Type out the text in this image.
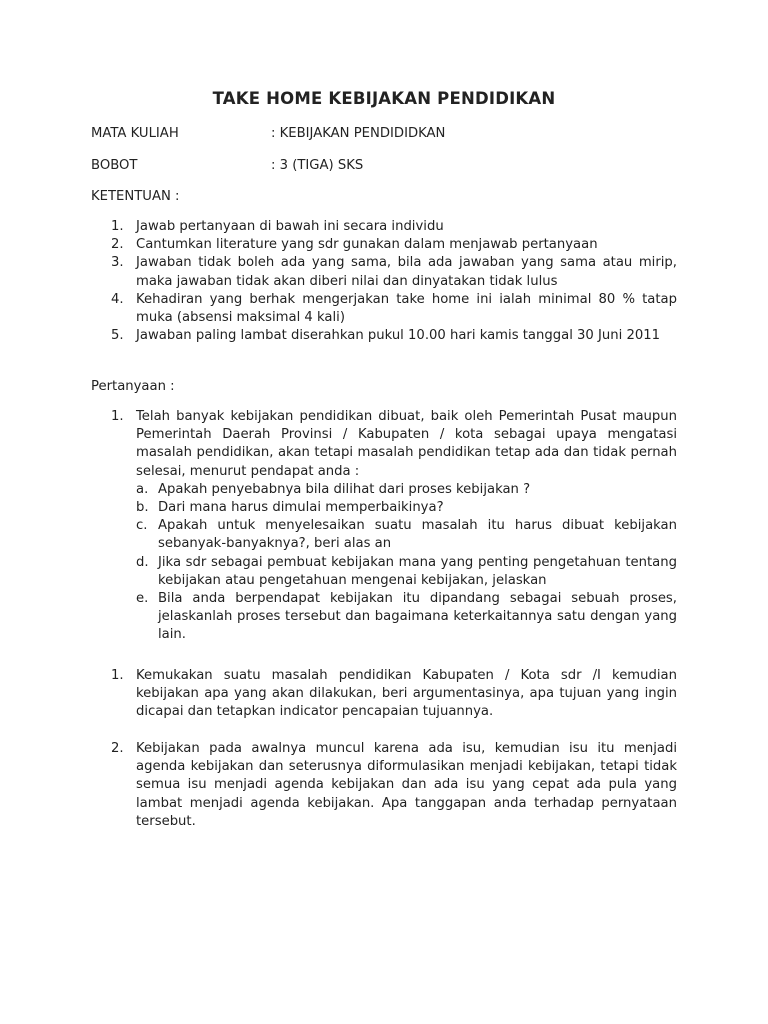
TAKE HOME KEBIJAKAN PENDIDIKAN
MATA KULIAH	: KEBIJAKAN PENDIDIDKAN
BOBOT	: 3 (TIGA) SKS
KETENTUAN :
1. Jawab pertanyaan di bawah ini secara individu
2. Cantumkan literature yang sdr gunakan dalam menjawab pertanyaan
3. Jawaban tidak boleh ada yang sama, bila ada jawaban yang sama atau mirip, maka jawaban tidak akan diberi nilai dan dinyatakan tidak lulus
4. Kehadiran yang berhak mengerjakan take home ini ialah minimal 80 % tatap muka (absensi maksimal 4 kali)
5. Jawaban paling lambat diserahkan pukul 10.00 hari kamis tanggal 30 Juni 2011
Pertanyaan :
1. Telah banyak kebijakan pendidikan dibuat, baik oleh Pemerintah Pusat maupun Pemerintah Daerah Provinsi / Kabupaten / kota sebagai upaya mengatasi masalah pendidikan, akan tetapi masalah pendidikan tetap ada dan tidak pernah selesai, menurut pendapat anda :
a. Apakah penyebabnya bila dilihat dari proses kebijakan ?
b. Dari mana harus dimulai memperbaikinya?
c. Apakah untuk menyelesaikan suatu masalah itu harus dibuat kebijakan sebanyak-banyaknya?, beri alas an
d. Jika sdr sebagai pembuat kebijakan mana yang penting pengetahuan tentang kebijakan atau pengetahuan mengenai kebijakan, jelaskan
e. Bila anda berpendapat kebijakan itu dipandang sebagai sebuah proses, jelaskanlah proses tersebut dan bagaimana keterkaitannya satu dengan yang lain.
1. Kemukakan suatu masalah pendidikan Kabupaten / Kota sdr /I kemudian kebijakan apa yang akan dilakukan, beri argumentasinya, apa tujuan yang ingin dicapai dan tetapkan indicator pencapaian tujuannya.
2. Kebijakan pada awalnya muncul karena ada isu, kemudian isu itu menjadi agenda kebijakan dan seterusnya diformulasikan menjadi kebijakan, tetapi tidak semua isu menjadi agenda kebijakan dan ada isu yang cepat ada pula yang lambat menjadi agenda kebijakan. Apa tanggapan anda terhadap pernyataan tersebut.
